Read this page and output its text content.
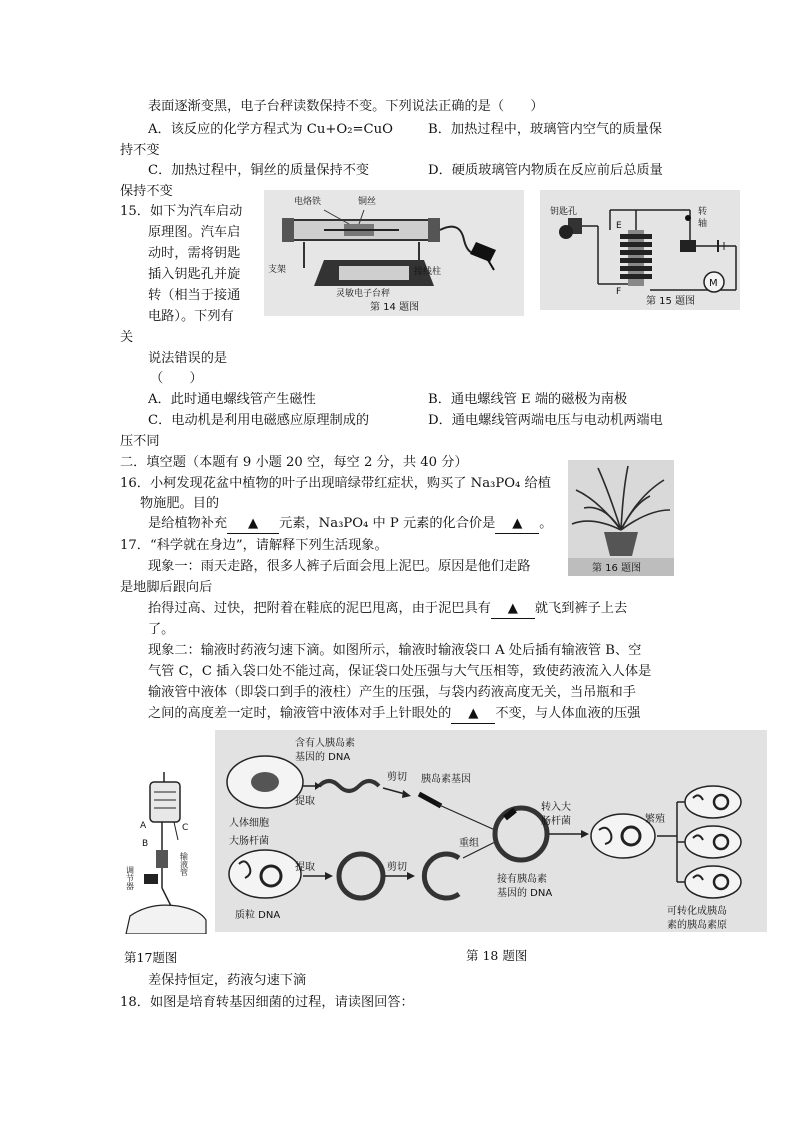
表面逐渐变黑，电子台秤读数保持不变。下列说法正确的是（　　）
A．该反应的化学方程式为 Cu+O₂=CuO	B．加热过程中，玻璃管内空气的质量保
持不变
C．加热过程中，铜丝的质量保持不变	D．硬质玻璃管内物质在反应前后总质量
保持不变
15．如下为汽车启动
原理图。汽车启
动时，需将钥匙
插入钥匙孔并旋
转（相当于接通
电路）。下列有
关
说法错误的是
（　　）
A．此时通电螺线管产生磁性	B．通电螺线管 E 端的磁极为南极
C．电动机是利用电磁感应原理制成的	D．通电螺线管两端电压与电动机两端电
压不同
电烙铁	铜丝
支架	接线柱
灵敏电子台秤
第 14 题图
M
钥匙孔
E
F
转
轴
第 15 题图
二．填空题（本题有 9 小题 20 空，每空 2 分，共 40 分）
16．小柯发现花盆中植物的叶子出现暗绿带红症状，购买了 Na₃PO₄ 给植
物施肥。目的
是给植物补充 ▲ 元素，Na₃PO₄ 中 P 元素的化合价是 ▲ 。
第 16 题图
17．“科学就在身边”，请解释下列生活现象。
现象一：雨天走路，很多人裤子后面会甩上泥巴。原因是他们走路
是地脚后跟向后
抬得过高、过快，把附着在鞋底的泥巴甩离，由于泥巴具有 ▲ 就飞到裤子上去
了。
现象二：输液时药液匀速下滴。如图所示，输液时输液袋口 A 处后插有输液管 B、空
气管 C，C 插入袋口处不能过高，保证袋口处压强与大气压相等，致使药液流入人体是
输液管中液体（即袋口到手的液柱）产生的压强，与袋内药液高度无关，当吊瓶和手
之间的高度差一定时，输液管中液体对手上针眼处的 ▲ 不变，与人体血液的压强
A
B
C
输液管
调节器
第17题图
含有人胰岛素
基因的 DNA
剪切 胰岛素基因
提取
人体细胞
转入大
肠杆菌	繁殖
重组
大肠杆菌
提取	剪切
质粒 DNA
接有胰岛素
基因的 DNA
可转化成胰岛
素的胰岛素原
第 18 题图
差保持恒定，药液匀速下滴
18．如图是培育转基因细菌的过程，请读图回答：
